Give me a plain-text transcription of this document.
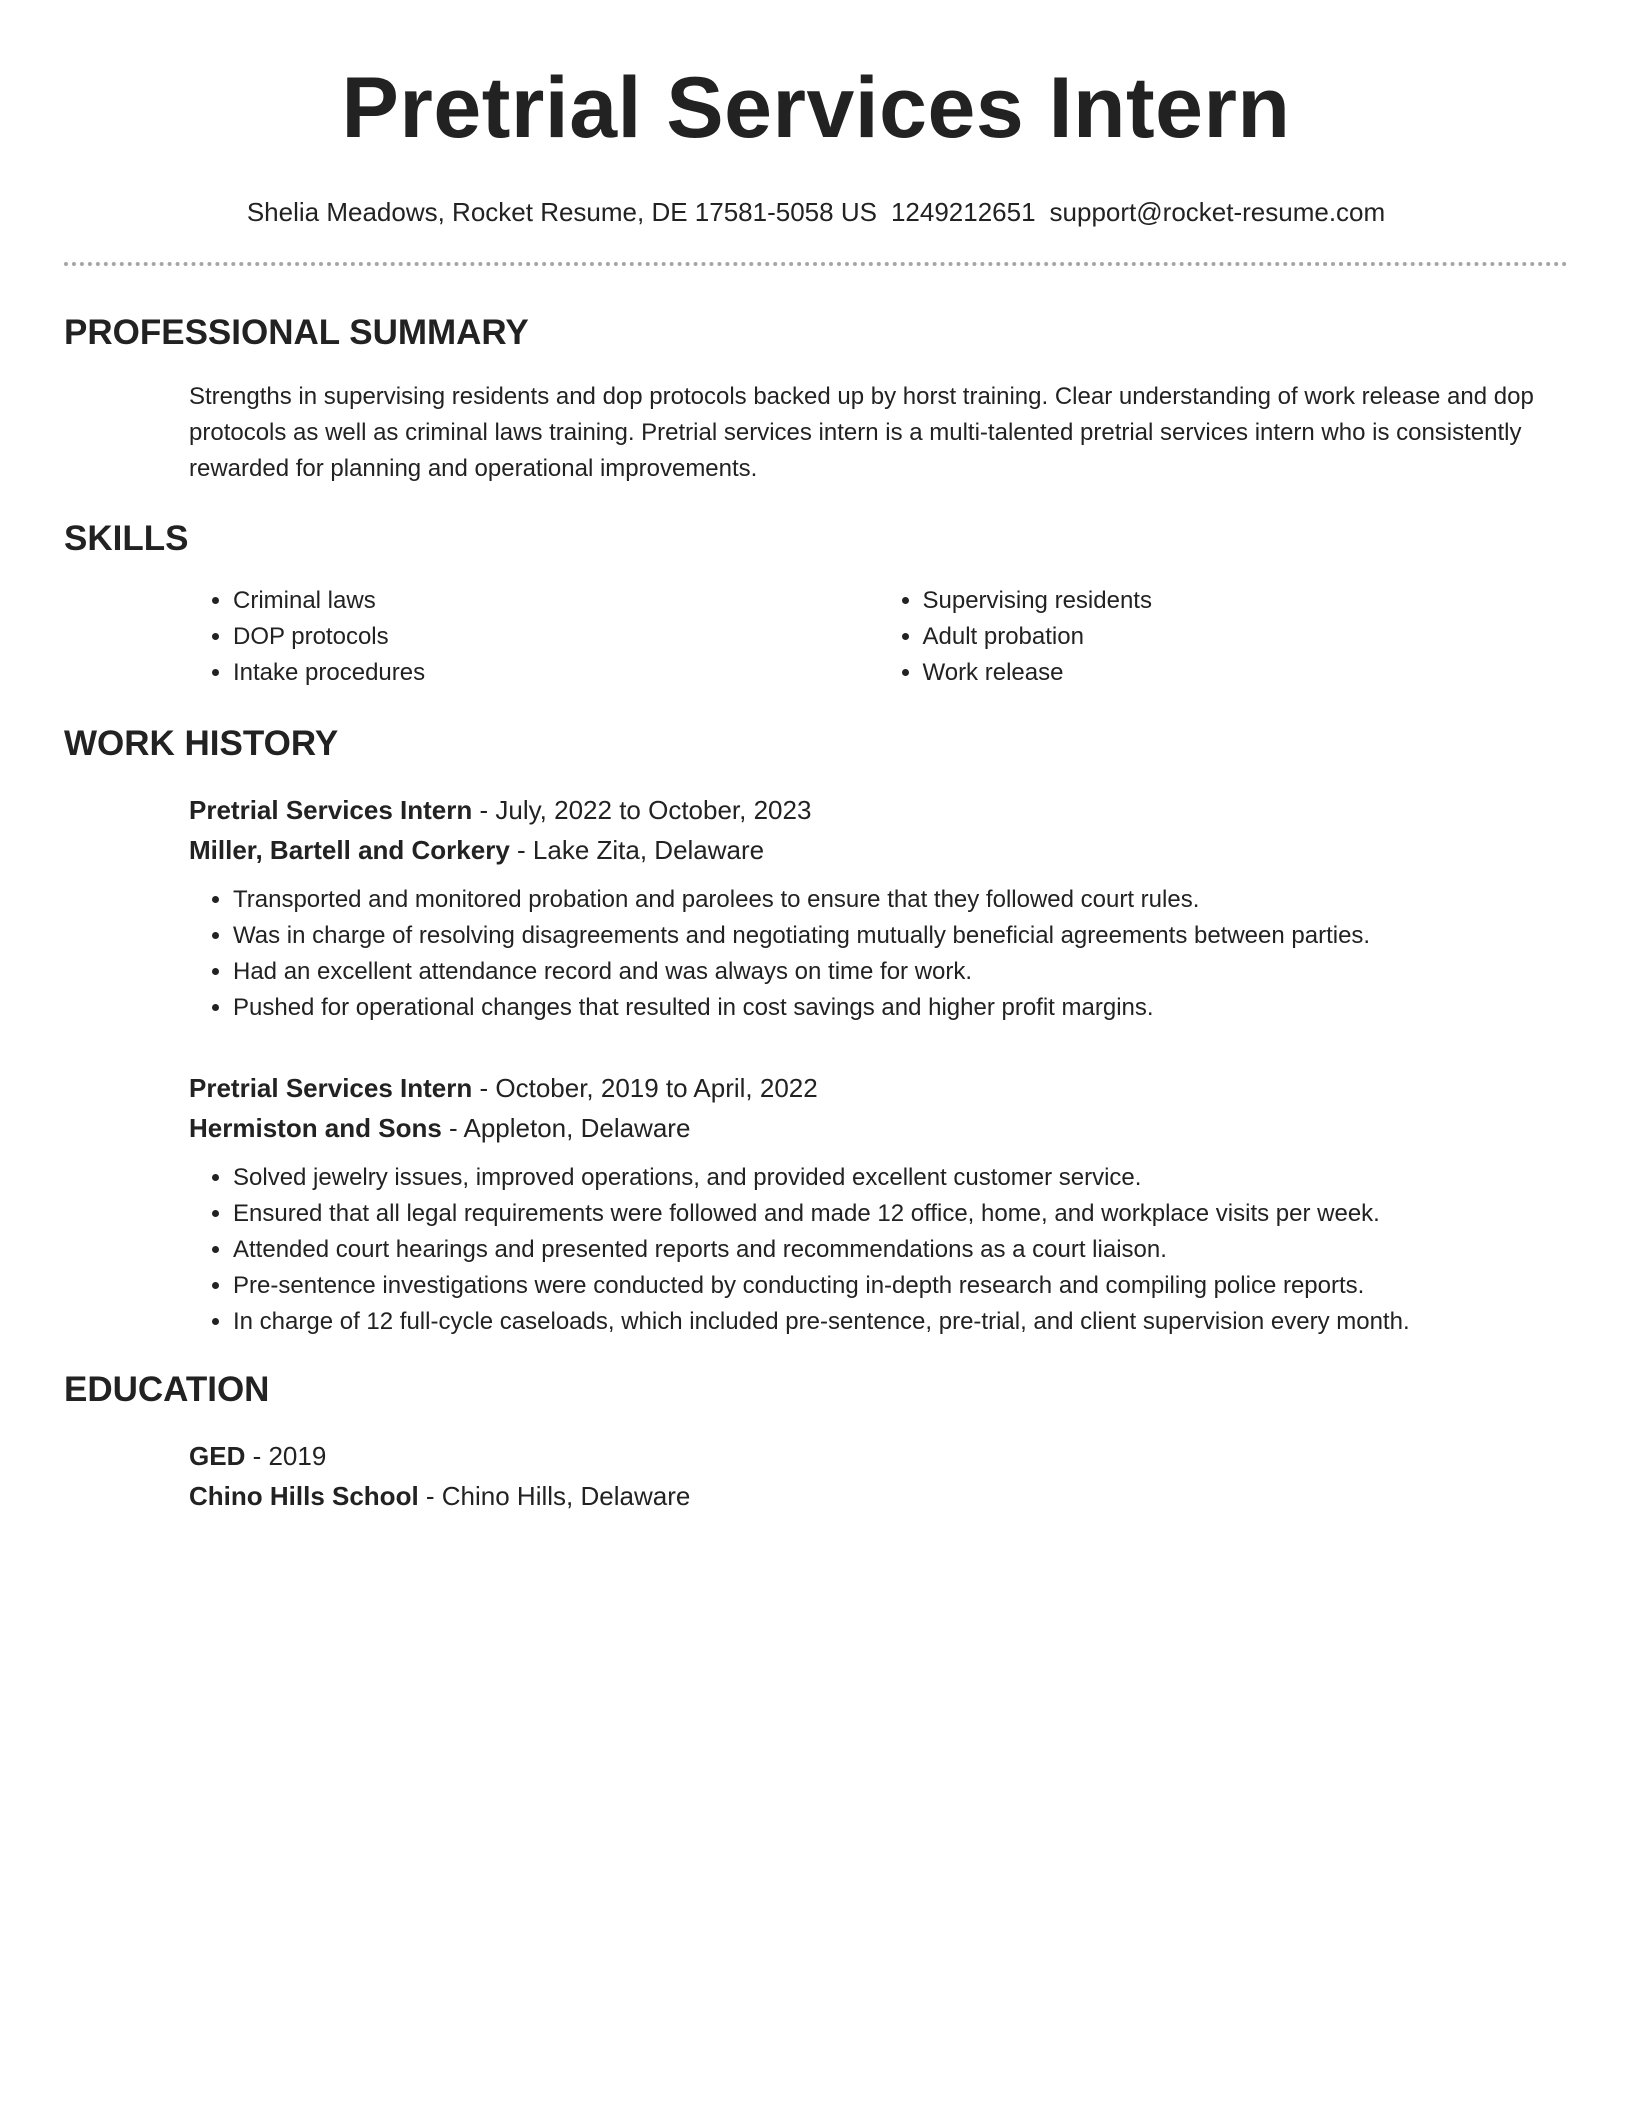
Pretrial Services Intern
Shelia Meadows, Rocket Resume, DE 17581-5058 US 1249212651 support@rocket-resume.com
PROFESSIONAL SUMMARY
Strengths in supervising residents and dop protocols backed up by horst training. Clear understanding of work release and dop protocols as well as criminal laws training. Pretrial services intern is a multi-talented pretrial services intern who is consistently rewarded for planning and operational improvements.
SKILLS
• Criminal laws
• DOP protocols
• Intake procedures
• Supervising residents
• Adult probation
• Work release
WORK HISTORY
Pretrial Services Intern - July, 2022 to October, 2023
Miller, Bartell and Corkery - Lake Zita, Delaware
• Transported and monitored probation and parolees to ensure that they followed court rules.
• Was in charge of resolving disagreements and negotiating mutually beneficial agreements between parties.
• Had an excellent attendance record and was always on time for work.
• Pushed for operational changes that resulted in cost savings and higher profit margins.
Pretrial Services Intern - October, 2019 to April, 2022
Hermiston and Sons - Appleton, Delaware
• Solved jewelry issues, improved operations, and provided excellent customer service.
• Ensured that all legal requirements were followed and made 12 office, home, and workplace visits per week.
• Attended court hearings and presented reports and recommendations as a court liaison.
• Pre-sentence investigations were conducted by conducting in-depth research and compiling police reports.
• In charge of 12 full-cycle caseloads, which included pre-sentence, pre-trial, and client supervision every month.
EDUCATION
GED - 2019
Chino Hills School - Chino Hills, Delaware
